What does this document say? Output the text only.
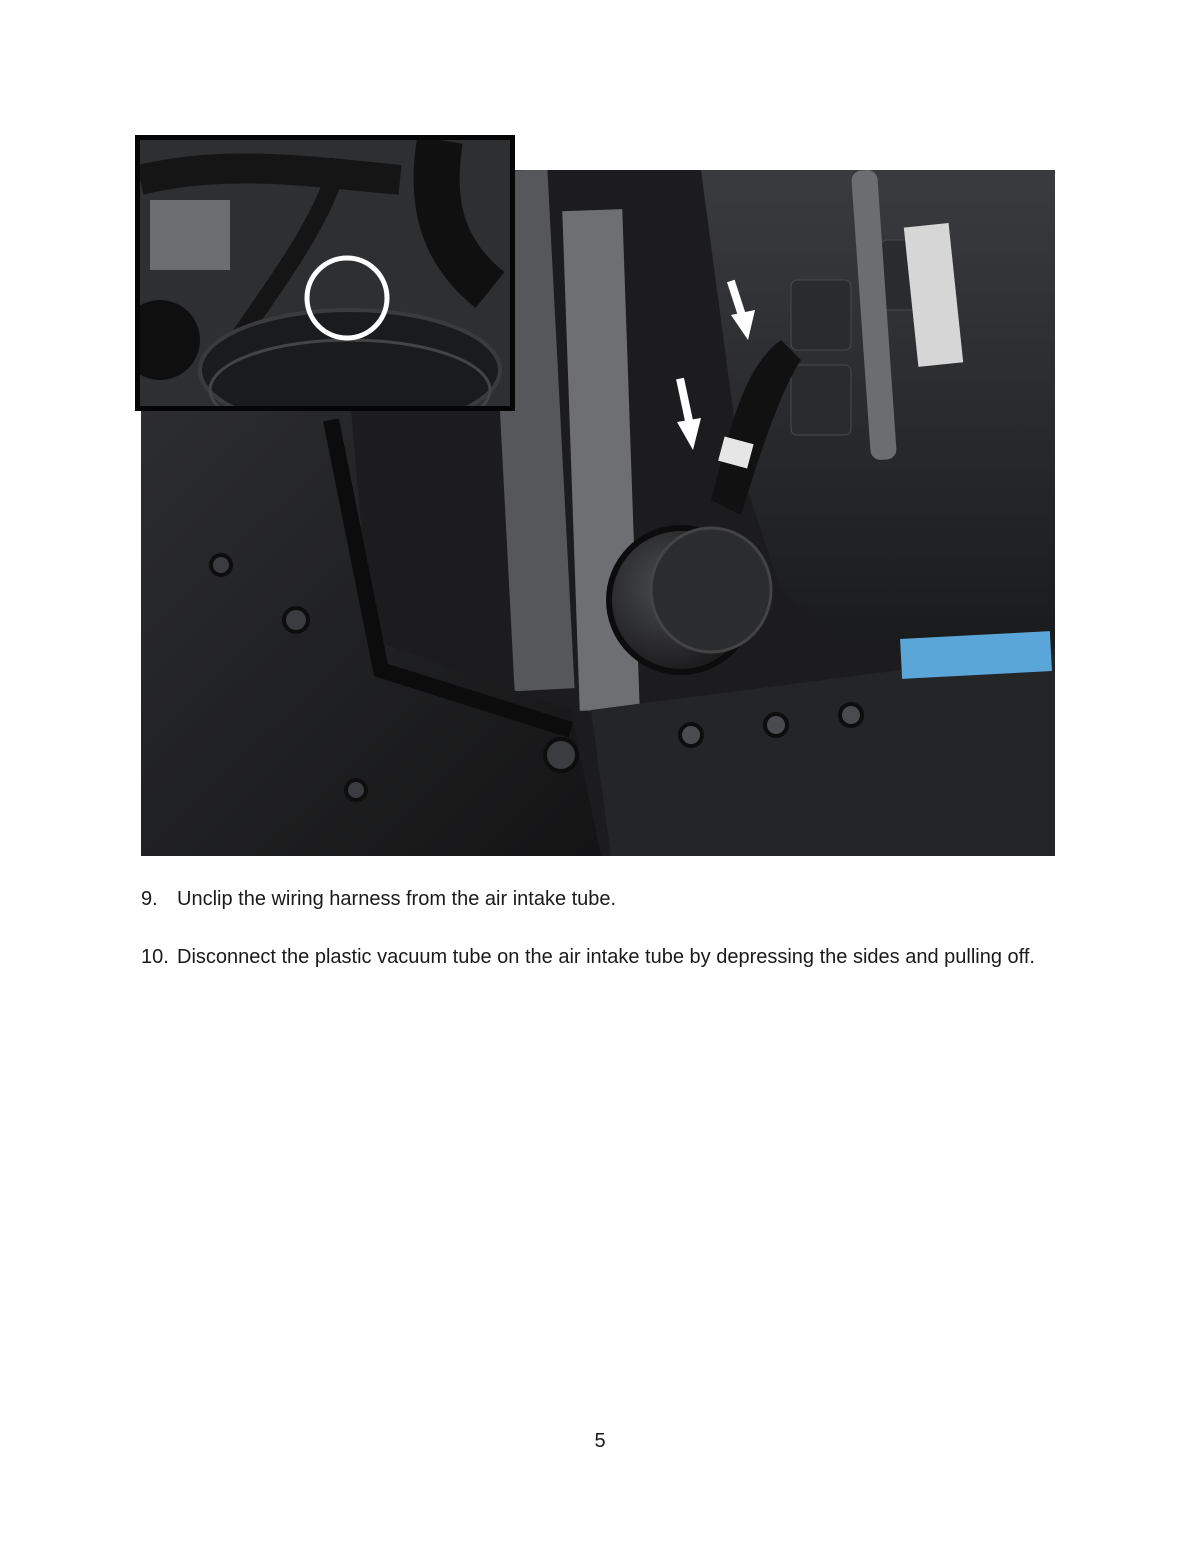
9. Unclip the wiring harness from the air intake tube.
10. Disconnect the plastic vacuum tube on the air intake tube by depressing the sides and pulling off.
5
